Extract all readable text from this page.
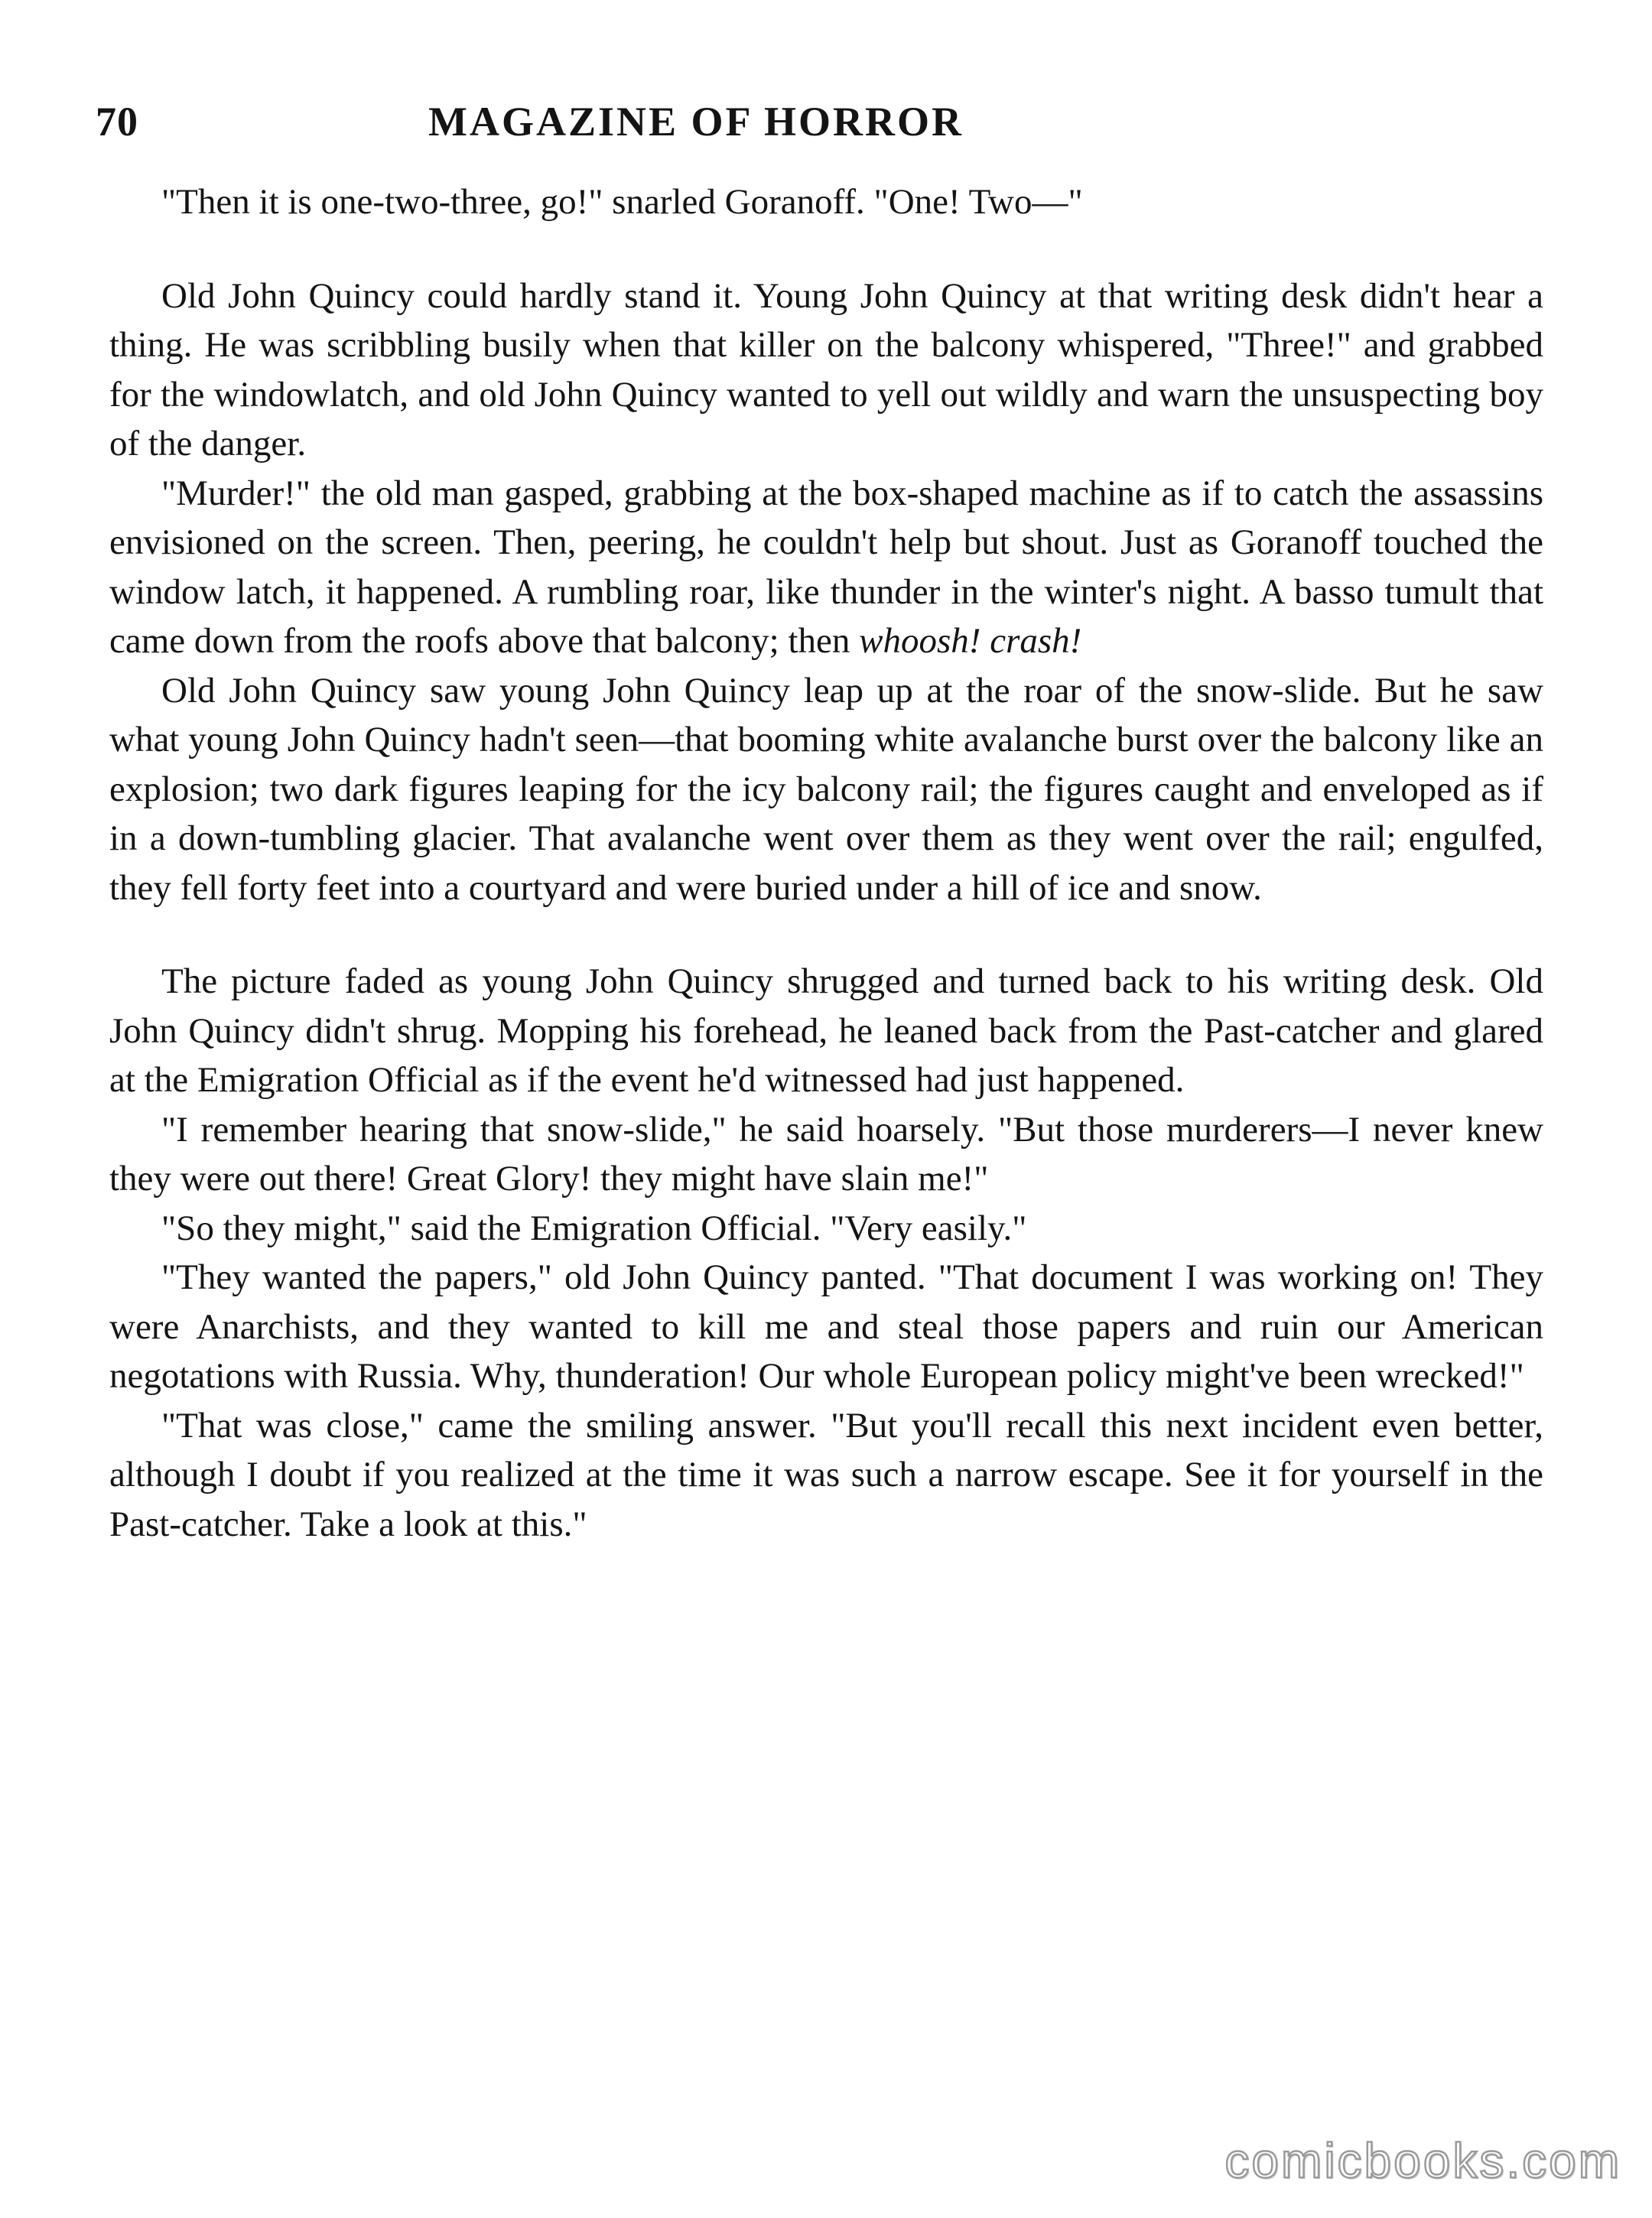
70	MAGAZINE OF HORROR

"Then it is one-two-three, go!" snarled Goranoff. "One! Two—"

Old John Quincy could hardly stand it. Young John Quincy at that writing desk didn't hear a thing. He was scribbling busily when that killer on the balcony whispered, "Three!" and grabbed for the windowlatch, and old John Quincy wanted to yell out wildly and warn the unsuspecting boy of the danger.

"Murder!" the old man gasped, grabbing at the box-shaped machine as if to catch the assassins envisioned on the screen. Then, peering, he couldn't help but shout. Just as Goranoff touched the window latch, it happened. A rumbling roar, like thunder in the winter's night. A basso tumult that came down from the roofs above that balcony; then whoosh! crash!

Old John Quincy saw young John Quincy leap up at the roar of the snow-slide. But he saw what young John Quincy hadn't seen—that booming white avalanche burst over the balcony like an explosion; two dark figures leaping for the icy balcony rail; the figures caught and enveloped as if in a down-tumbling glacier. That avalanche went over them as they went over the rail; engulfed, they fell forty feet into a courtyard and were buried under a hill of ice and snow.

The picture faded as young John Quincy shrugged and turned back to his writing desk. Old John Quincy didn't shrug. Mopping his forehead, he leaned back from the Past-catcher and glared at the Emigration Official as if the event he'd witnessed had just happened.

"I remember hearing that snow-slide," he said hoarsely. "But those murderers—I never knew they were out there! Great Glory! they might have slain me!"

"So they might," said the Emigration Official. "Very easily."

"They wanted the papers," old John Quincy panted. "That document I was working on! They were Anarchists, and they wanted to kill me and steal those papers and ruin our American negotations with Russia. Why, thunderation! Our whole European policy might've been wrecked!"

"That was close," came the smiling answer. "But you'll recall this next incident even better, although I doubt if you realized at the time it was such a narrow escape. See it for yourself in the Past-catcher. Take a look at this."

comicbooks.com
